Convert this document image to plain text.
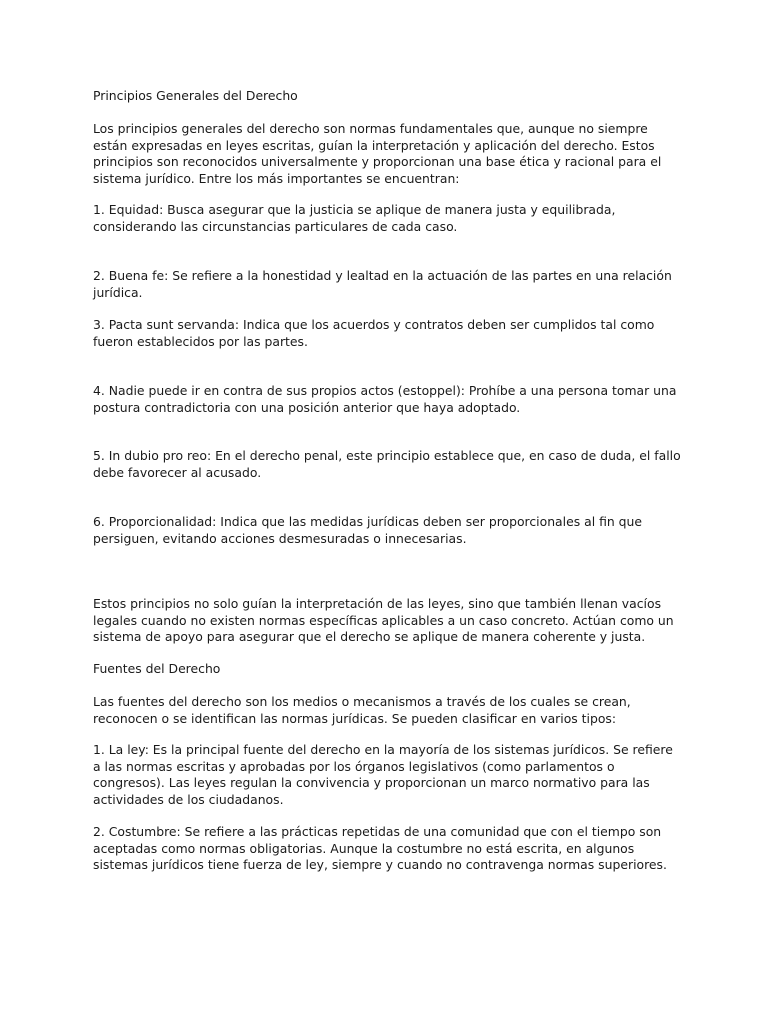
Principios Generales del Derecho

Los principios generales del derecho son normas fundamentales que, aunque no siempre están expresadas en leyes escritas, guían la interpretación y aplicación del derecho. Estos principios son reconocidos universalmente y proporcionan una base ética y racional para el sistema jurídico. Entre los más importantes se encuentran:

1. Equidad: Busca asegurar que la justicia se aplique de manera justa y equilibrada, considerando las circunstancias particulares de cada caso.

2. Buena fe: Se refiere a la honestidad y lealtad en la actuación de las partes en una relación jurídica.

3. Pacta sunt servanda: Indica que los acuerdos y contratos deben ser cumplidos tal como fueron establecidos por las partes.

4. Nadie puede ir en contra de sus propios actos (estoppel): Prohíbe a una persona tomar una postura contradictoria con una posición anterior que haya adoptado.

5. In dubio pro reo: En el derecho penal, este principio establece que, en caso de duda, el fallo debe favorecer al acusado.

6. Proporcionalidad: Indica que las medidas jurídicas deben ser proporcionales al fin que persiguen, evitando acciones desmesuradas o innecesarias.

Estos principios no solo guían la interpretación de las leyes, sino que también llenan vacíos legales cuando no existen normas específicas aplicables a un caso concreto. Actúan como un sistema de apoyo para asegurar que el derecho se aplique de manera coherente y justa.

Fuentes del Derecho

Las fuentes del derecho son los medios o mecanismos a través de los cuales se crean, reconocen o se identifican las normas jurídicas. Se pueden clasificar en varios tipos:

1. La ley: Es la principal fuente del derecho en la mayoría de los sistemas jurídicos. Se refiere a las normas escritas y aprobadas por los órganos legislativos (como parlamentos o congresos). Las leyes regulan la convivencia y proporcionan un marco normativo para las actividades de los ciudadanos.

2. Costumbre: Se refiere a las prácticas repetidas de una comunidad que con el tiempo son aceptadas como normas obligatorias. Aunque la costumbre no está escrita, en algunos sistemas jurídicos tiene fuerza de ley, siempre y cuando no contravenga normas superiores.
